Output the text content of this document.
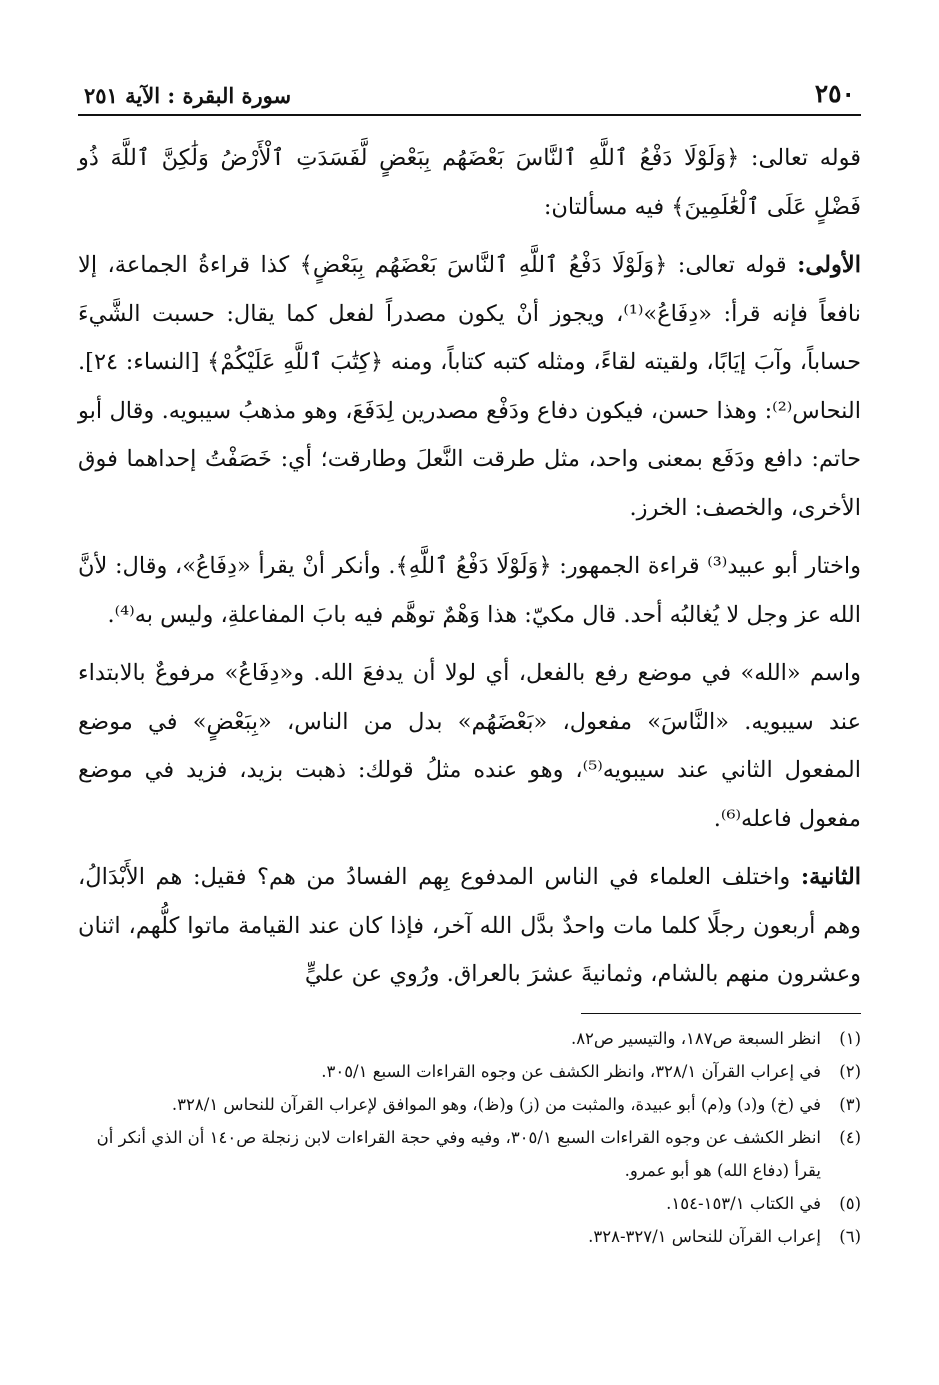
٢٥٠
سورة البقرة : الآية ٢٥١

قوله تعالى: ﴿وَلَوْلَا دَفْعُ ٱللَّهِ ٱلنَّاسَ بَعْضَهُم بِبَعْضٍ لَّفَسَدَتِ ٱلْأَرْضُ وَلَٰكِنَّ ٱللَّهَ ذُو فَضْلٍ عَلَى ٱلْعَٰلَمِينَ﴾ فيه مسألتان:

الأولى: قوله تعالى: ﴿وَلَوْلَا دَفْعُ ٱللَّهِ ٱلنَّاسَ بَعْضَهُم بِبَعْضٍ﴾ كذا قراءةُ الجماعة، إلا نافعاً فإنه قرأ: «دِفَاعُ»⁽¹⁾، ويجوز أنْ يكون مصدراً لفعل كما يقال: حسبت الشَّيءَ حساباً، وآبَ إيَابًا، ولقيته لقاءً، ومثله كتبه كتاباً، ومنه ﴿كِتَٰبَ ٱللَّهِ عَلَيْكُمْ﴾ [النساء: ٢٤]. النحاس⁽²⁾: وهذا حسن، فيكون دفاع ودَفْع مصدرين لِدَفَعَ، وهو مذهبُ سيبويه. وقال أبو حاتم: دافع ودَفَع بمعنى واحد، مثل طرقت النَّعلَ وطارقت؛ أي: خَصَفْتُ إحداهما فوق الأخرى، والخصف: الخرز.

واختار أبو عبيد⁽³⁾ قراءة الجمهور: ﴿وَلَوْلَا دَفْعُ ٱللَّهِ﴾. وأنكر أنْ يقرأ «دِفَاعُ»، وقال: لأنَّ الله عز وجل لا يُغالبُه أحد. قال مكيّ: هذا وَهْمٌ توهَّم فيه بابَ المفاعلةِ، وليس به⁽⁴⁾.

واسم «الله» في موضع رفع بالفعل، أي لولا أن يدفعَ الله. و«دِفَاعُ» مرفوعٌ بالابتداء عند سيبويه. «النَّاسَ» مفعول، «بَعْضَهُم» بدل من الناس، «بِبَعْضٍ» في موضع المفعول الثاني عند سيبويه⁽⁵⁾، وهو عنده مثلُ قولك: ذهبت بزيد، فزيد في موضع مفعول فاعله⁽⁶⁾.

الثانية: واختلف العلماء في الناس المدفوع بِهم الفسادُ من هم؟ فقيل: هم الأَبْدَالُ، وهم أربعون رجلًا كلما مات واحدٌ بدَّل الله آخر، فإذا كان عند القيامة ماتوا كلُّهم، اثنان وعشرون منهم بالشام، وثمانيةَ عشرَ بالعراق. ورُوي عن عليٍّ

(١)
انظر السبعة ص١٨٧، والتيسير ص٨٢.

(٢)
في إعراب القرآن ٣٢٨/١، وانظر الكشف عن وجوه القراءات السبع ٣٠٥/١.

(٣)
في (خ) و(د) و(م) أبو عبيدة، والمثبت من (ز) و(ظ)، وهو الموافق لإعراب القرآن للنحاس ٣٢٨/١.

(٤)
انظر الكشف عن وجوه القراءات السبع ٣٠٥/١، وفيه وفي حجة القراءات لابن زنجلة ص١٤٠ أن الذي أنكر أن يقرأ (دفاع الله) هو أبو عمرو.

(٥)
في الكتاب ١٥٣/١-١٥٤.

(٦)
إعراب القرآن للنحاس ٣٢٧/١-٣٢٨.
